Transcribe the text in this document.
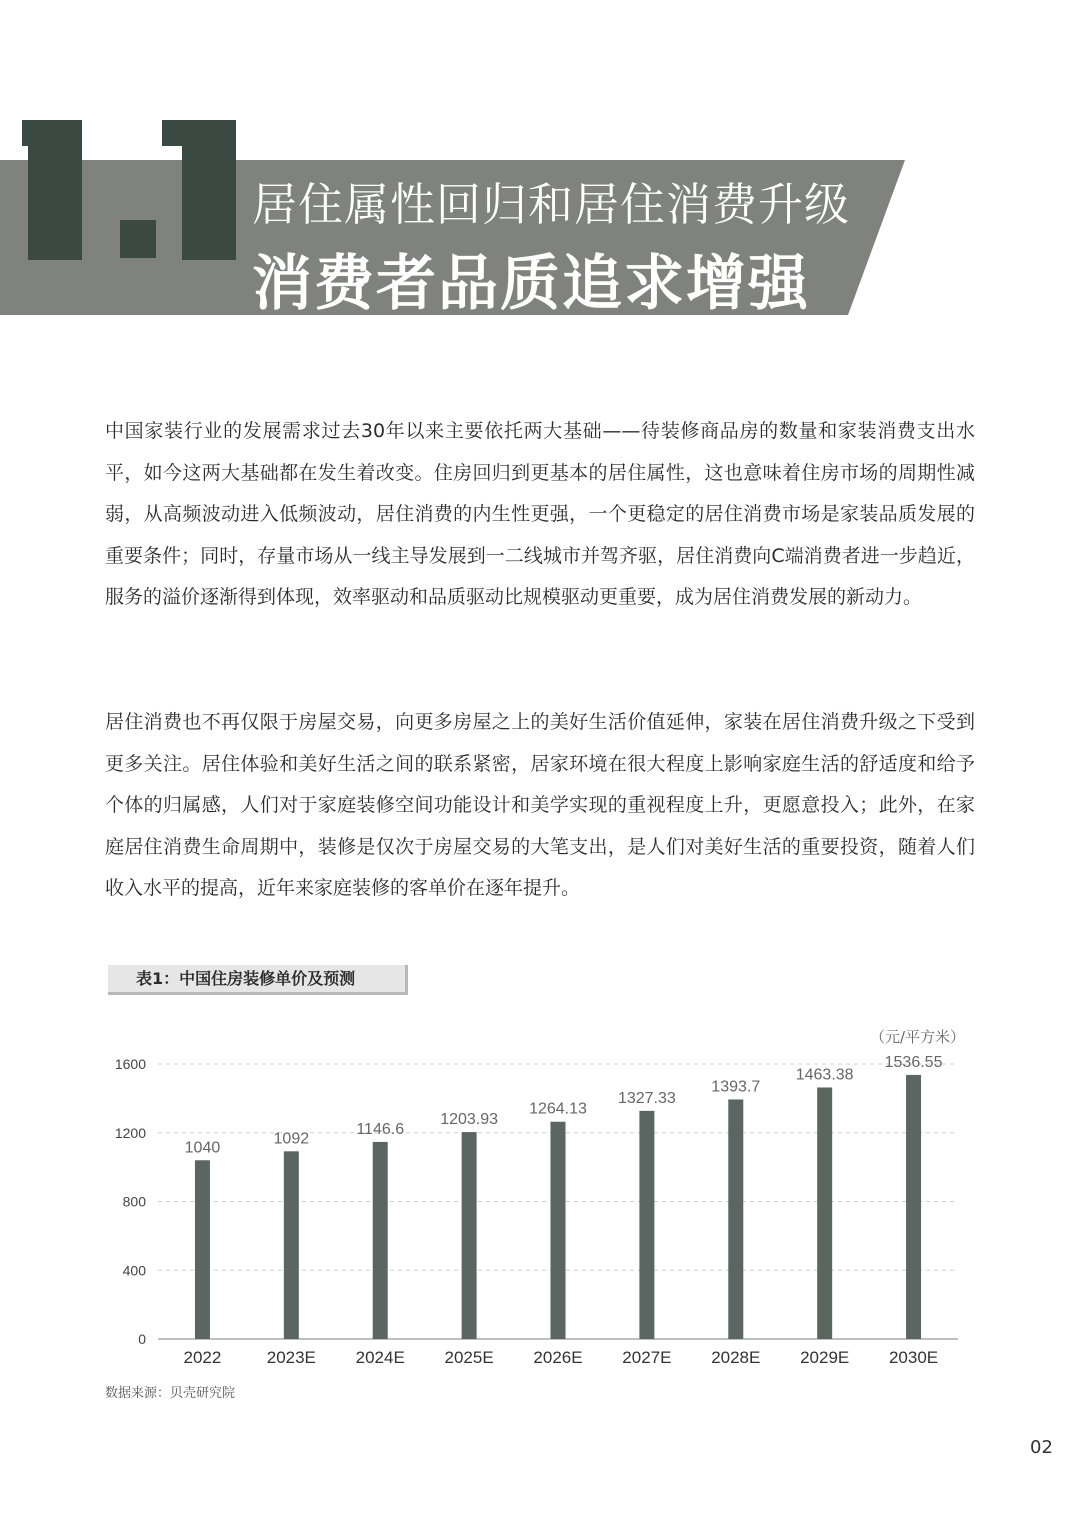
居住属性回归和居住消费升级
消费者品质追求增强

中国家装行业的发展需求过去30年以来主要依托两大基础——待装修商品房的数量和家装消费支出水平，如今这两大基础都在发生着改变。住房回归到更基本的居住属性，这也意味着住房市场的周期性减弱，从高频波动进入低频波动，居住消费的内生性更强，一个更稳定的居住消费市场是家装品质发展的重要条件；同时，存量市场从一线主导发展到一二线城市并驾齐驱，居住消费向C端消费者进一步趋近，服务的溢价逐渐得到体现，效率驱动和品质驱动比规模驱动更重要，成为居住消费发展的新动力。

居住消费也不再仅限于房屋交易，向更多房屋之上的美好生活价值延伸，家装在居住消费升级之下受到更多关注。居住体验和美好生活之间的联系紧密，居家环境在很大程度上影响家庭生活的舒适度和给予个体的归属感，人们对于家庭装修空间功能设计和美学实现的重视程度上升，更愿意投入；此外，在家庭居住消费生命周期中，装修是仅次于房屋交易的大笔支出，是人们对美好生活的重要投资，随着人们收入水平的提高，近年来家庭装修的客单价在逐年提升。

表1：中国住房装修单价及预测
0
400
800
1200
1600
1040
2022
1092
2023E
1146.6
2024E
1203.93
2025E
1264.13
2026E
1327.33
2027E
1393.7
2028E
1463.38
2029E
1536.55
2030E
（元/平方米）
数据来源：贝壳研究院
02
